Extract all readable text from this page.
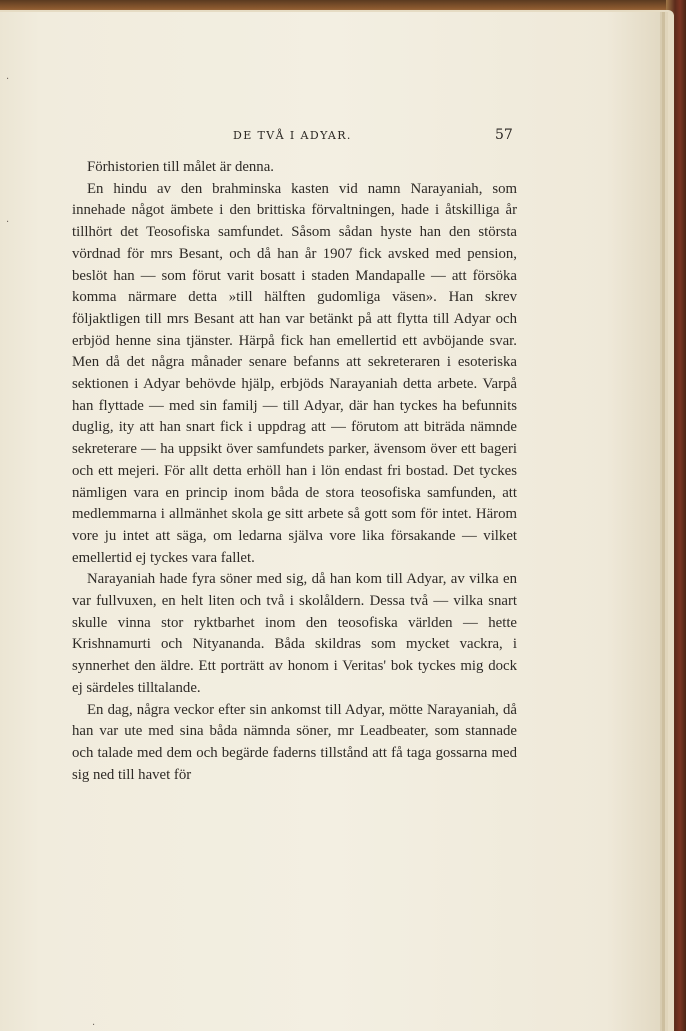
DE TVÅ I ADYAR.	57

Förhistorien till målet är denna.

En hindu av den brahminska kasten vid namn Narayaniah, som innehade något ämbete i den brittiska förvaltningen, hade i åtskilliga år tillhört det Teosofiska samfundet. Såsom sådan hyste han den största vördnad för mrs Besant, och då han år 1907 fick avsked med pension, beslöt han — som förut varit bosatt i staden Mandapalle — att försöka komma närmare detta »till hälften gudomliga väsen». Han skrev följaktligen till mrs Besant att han var betänkt på att flytta till Adyar och erbjöd henne sina tjänster. Härpå fick han emellertid ett avböjande svar. Men då det några månader senare befanns att sekreteraren i esoteriska sektionen i Adyar behövde hjälp, erbjöds Narayaniah detta arbete. Varpå han flyttade — med sin familj — till Adyar, där han tyckes ha befunnits duglig, ity att han snart fick i uppdrag att — förutom att biträda nämnde sekreterare — ha uppsikt över samfundets parker, ävensom över ett bageri och ett mejeri. För allt detta erhöll han i lön endast fri bostad. Det tyckes nämligen vara en princip inom båda de stora teosofiska samfunden, att medlemmarna i allmänhet skola ge sitt arbete så gott som för intet. Härom vore ju intet att säga, om ledarna själva vore lika försakande — vilket emellertid ej tyckes vara fallet.

Narayaniah hade fyra söner med sig, då han kom till Adyar, av vilka en var fullvuxen, en helt liten och två i skolåldern. Dessa två — vilka snart skulle vinna stor ryktbarhet inom den teosofiska världen — hette Krishnamurti och Nityananda. Båda skildras som mycket vackra, i synnerhet den äldre. Ett porträtt av honom i Veritas' bok tyckes mig dock ej särdeles tilltalande.

En dag, några veckor efter sin ankomst till Adyar, mötte Narayaniah, då han var ute med sina båda nämnda söner, mr Leadbeater, som stannade och talade med dem och begärde faderns tillstånd att få taga gossarna med sig ned till havet för

·
·
·
